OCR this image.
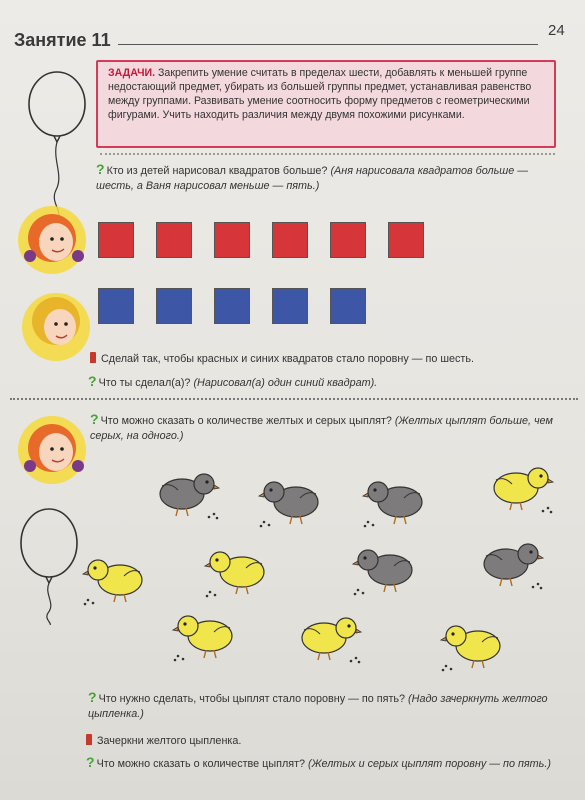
Занятие 11	24
ЗАДАЧИ. Закрепить умение считать в пределах шести, добавлять к меньшей группе недостающий предмет, убирать из большей группы предмет, устанавливая равенство между группами. Развивать умение соотносить форму предметов с геометрическими фигурами. Учить находить различия между двумя похожими рисунками.
? Кто из детей нарисовал квадратов больше? (Аня нарисовала квадратов больше — шесть, а Ваня нарисовал меньше — пять.)
Сделай так, чтобы красных и синих квадратов стало поровну — по шесть.
? Что ты сделал(а)? (Нарисовал(а) один синий квадрат).
? Что можно сказать о количестве желтых и серых цыплят? (Желтых цыплят больше, чем серых, на одного.)
? Что нужно сделать, чтобы цыплят стало поровну — по пять? (Надо зачеркнуть желтого цыпленка.)
Зачеркни желтого цыпленка.
? Что можно сказать о количестве цыплят? (Желтых и серых цыплят поровну — по пять.)
